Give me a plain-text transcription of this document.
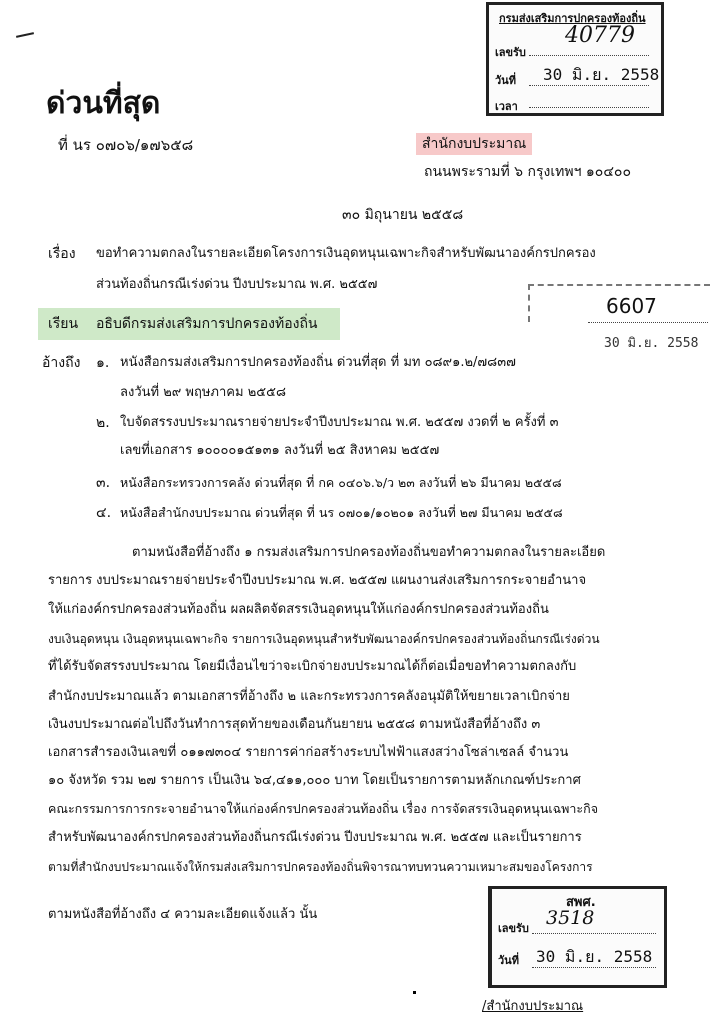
กรมส่งเสริมการปกครองท้องถิ่น
เลขรับ
40779
วันที่ 30 มิ.ย. 2558
เวลา
ด่วนที่สุด
ที่ นร ๐๗๐๖/๑๗๖๕๘	สำนักงบประมาณ
ถนนพระรามที่ ๖ กรุงเทพฯ ๑๐๔๐๐
๓๐ มิถุนายน ๒๕๕๘
เรื่อง ขอทำความตกลงในรายละเอียดโครงการเงินอุดหนุนเฉพาะกิจสำหรับพัฒนาองค์กรปกครอง
ส่วนท้องถิ่นกรณีเร่งด่วน ปีงบประมาณ พ.ศ. ๒๕๕๗
6607
30 มิ.ย. 2558
เรียน อธิบดีกรมส่งเสริมการปกครองท้องถิ่น
อ้างถึง ๑. หนังสือกรมส่งเสริมการปกครองท้องถิ่น ด่วนที่สุด ที่ มท ๐๘๙๑.๒/๗๘๓๗
ลงวันที่ ๒๙ พฤษภาคม ๒๕๕๘
๒. ใบจัดสรรงบประมาณรายจ่ายประจำปีงบประมาณ พ.ศ. ๒๕๕๗ งวดที่ ๒ ครั้งที่ ๓
เลขที่เอกสาร ๑๐๐๐๐๑๕๑๓๑ ลงวันที่ ๒๕ สิงหาคม ๒๕๕๗
๓. หนังสือกระทรวงการคลัง ด่วนที่สุด ที่ กค ๐๔๐๖.๖/ว ๒๓ ลงวันที่ ๒๖ มีนาคม ๒๕๕๘
๔. หนังสือสำนักงบประมาณ ด่วนที่สุด ที่ นร ๐๗๐๑/๑๐๒๐๑ ลงวันที่ ๒๗ มีนาคม ๒๕๕๘
ตามหนังสือที่อ้างถึง ๑ กรมส่งเสริมการปกครองท้องถิ่นขอทำความตกลงในรายละเอียด
รายการ งบประมาณรายจ่ายประจำปีงบประมาณ พ.ศ. ๒๕๕๗ แผนงานส่งเสริมการกระจายอำนาจ
ให้แก่องค์กรปกครองส่วนท้องถิ่น ผลผลิตจัดสรรเงินอุดหนุนให้แก่องค์กรปกครองส่วนท้องถิ่น
งบเงินอุดหนุน เงินอุดหนุนเฉพาะกิจ รายการเงินอุดหนุนสำหรับพัฒนาองค์กรปกครองส่วนท้องถิ่นกรณีเร่งด่วน
ที่ได้รับจัดสรรงบประมาณ โดยมีเงื่อนไขว่าจะเบิกจ่ายงบประมาณได้ก็ต่อเมื่อขอทำความตกลงกับ
สำนักงบประมาณแล้ว ตามเอกสารที่อ้างถึง ๒ และกระทรวงการคลังอนุมัติให้ขยายเวลาเบิกจ่าย
เงินงบประมาณต่อไปถึงวันทำการสุดท้ายของเดือนกันยายน ๒๕๕๘ ตามหนังสือที่อ้างถึง ๓
เอกสารสำรองเงินเลขที่ ๐๑๑๗๓๐๔ รายการค่าก่อสร้างระบบไฟฟ้าแสงสว่างโซล่าเซลล์ จำนวน
๑๐ จังหวัด รวม ๒๗ รายการ เป็นเงิน ๖๔,๔๑๑,๐๐๐ บาท โดยเป็นรายการตามหลักเกณฑ์ประกาศ
คณะกรรมการการกระจายอำนาจให้แก่องค์กรปกครองส่วนท้องถิ่น เรื่อง การจัดสรรเงินอุดหนุนเฉพาะกิจ
สำหรับพัฒนาองค์กรปกครองส่วนท้องถิ่นกรณีเร่งด่วน ปีงบประมาณ พ.ศ. ๒๕๕๗ และเป็นรายการ
ตามที่สำนักงบประมาณแจ้งให้กรมส่งเสริมการปกครองท้องถิ่นพิจารณาทบทวนความเหมาะสมของโครงการ
ตามหนังสือที่อ้างถึง ๔ ความละเอียดแจ้งแล้ว นั้น
สพศ.
เลขรับ 3518
วันที่ 30 มิ.ย. 2558
/สำนักงบประมาณ
